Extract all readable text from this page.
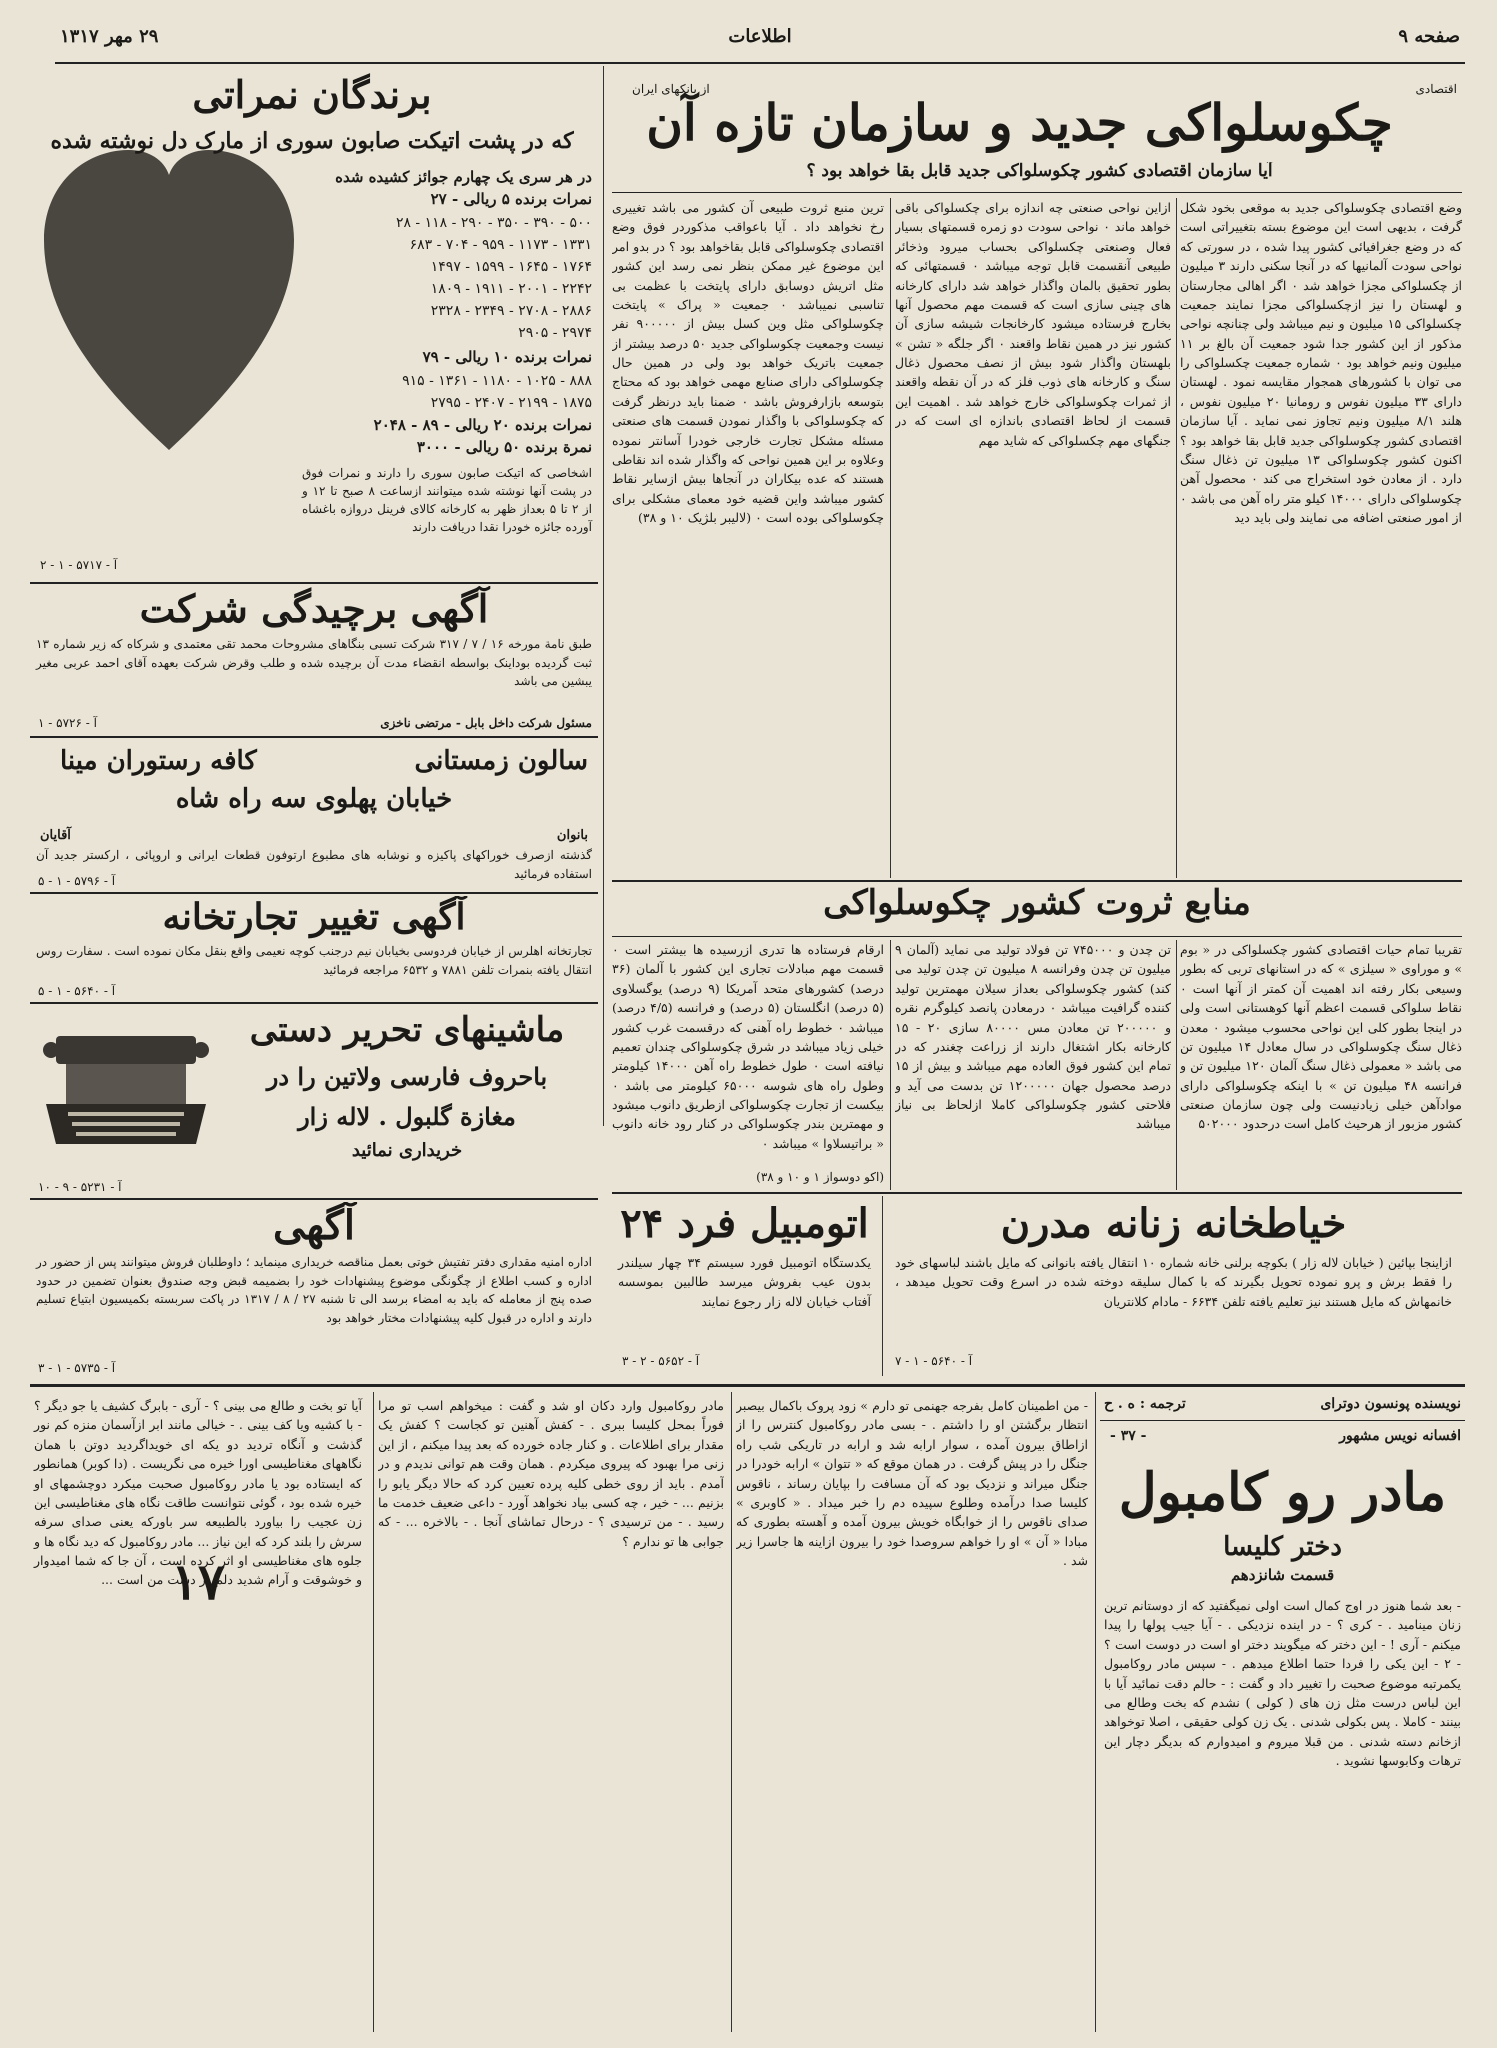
صفحه ۹
اطلاعات
۲۹ مهر ۱۳۱۷
اقتصادی
از بانکهای ایران
چکوسلواکی جدید و سازمان تازه آن
آیا سازمان اقتصادی کشور چکوسلواکی جدید قابل بقا خواهد بود ؟
وضع اقتصادی چکوسلواکی جدید به موقعی بخود شکل گرفت ، بدیهی است این موضوع بسته بتغییراتی است که در وضع جغرافیائی کشور پیدا شده ، در سورتی که نواحی سودت آلمانیها که در آنجا سکنی دارند ۳ میلیون از چکسلواکی مجزا خواهد شد ۰ اگر اهالی مجارستان و لهستان را نیز ازچکسلواکی مجزا نمایند جمعیت چکسلواکی ۱۵ میلیون و نیم میباشد ولی چنانچه نواحی مذکور از این کشور جدا شود جمعیت آن بالغ بر ۱۱ میلیون ونیم خواهد بود ۰ شماره جمعیت چکسلواکی را می توان با کشورهای همجوار مقایسه نمود . لهستان دارای ۳۳ میلیون نفوس و رومانیا ۲۰ میلیون نفوس ، هلند ۸/۱ میلیون ونیم تجاوز نمی نماید . آیا سازمان اقتصادی کشور چکوسلواکی جدید قابل بقا خواهد بود ؟ اکنون کشور چکوسلواکی ۱۳ میلیون تن ذغال سنگ دارد . از معادن خود استخراج می کند ۰ محصول آهن چکوسلواکی دارای ۱۴۰۰۰ کیلو متر راه آهن می باشد ۰ از امور صنعتی اضافه می نمایند ولی باید دید
ازاین نواحی صنعتی چه اندازه برای چکسلواکی باقی خواهد ماند ۰ نواحی سودت دو زمره قسمتهای بسیار فعال وصنعتی چکسلواکی بحساب میرود وذخائر طبیعی آنقسمت قابل توجه میباشد ۰ قسمتهائی که بطور تحقیق بالمان واگذار خواهد شد دارای کارخانه های چینی سازی است که قسمت مهم محصول آنها بخارج فرستاده میشود کارخانجات شیشه سازی آن کشور نیز در همین نقاط واقعند ۰ اگر جلگه « تشن » بلهستان واگذار شود بیش از نصف محصول ذغال سنگ و کارخانه های ذوب فلز که در آن نقطه واقعند از ثمرات چکوسلواکی خارج خواهد شد . اهمیت این قسمت از لحاظ اقتصادی باندازه ای است که در جنگهای مهم چکسلواکی که شاید مهم
ترین منبع ثروت طبیعی آن کشور می باشد تغییری رخ نخواهد داد . آیا باعواقب مذکوردر فوق وضع اقتصادی چکوسلواکی قابل بقاخواهد بود ؟ در بدو امر این موضوع غیر ممکن بنظر نمی رسد این کشور مثل اتریش دوسابق دارای پایتخت با عظمت بی تناسبی نمیباشد ۰ جمعیت « پراک » پایتخت چکوسلواکی مثل وین کسل بیش از ۹۰۰۰۰۰ نفر نیست وجمعیت چکوسلواکی جدید ۵۰ درصد بیشتر از جمعیت باتریک خواهد بود ولی در همین حال چکوسلواکی دارای صنایع مهمی خواهد بود که محتاج بتوسعه بازارفروش باشد ۰ ضمنا باید درنظر گرفت که چکوسلواکی با واگذار نمودن قسمت های صنعتی مسئله مشکل تجارت خارجی خودرا آسانتر نموده وعلاوه بر این همین نواحی که واگذار شده اند نقاطی هستند که عده بیکاران در آنجاها بیش ازسایر نقاط کشور میباشد واین قضیه خود معمای مشکلی برای چکوسلواکی بوده است ۰ (لالیبر بلژیک ۱۰ و ۳۸)
منابع ثروت کشور چکوسلواکی
تقریبا تمام حیات اقتصادی کشور چکسلواکی در « بوم » و موراوی « سیلزی » که در استانهای تربی که بطور وسیعی بکار رفته اند اهمیت آن کمتر از آنها است ۰ نقاط سلواکی قسمت اعظم آنها کوهستانی است ولی در اینجا بطور کلی این نواحی محسوب میشود ۰ معدن ذغال سنگ چکوسلواکی در سال معادل ۱۴ میلیون تن می باشد « معمولی ذغال سنگ آلمان ۱۲۰ میلیون تن و فرانسه ۴۸ میلیون تن » با اینکه چکوسلواکی دارای موادآهن خیلی زیادنیست ولی چون سازمان صنعتی کشور مزبور از هرحیث کامل است درحدود ۵۰۲۰۰۰
تن چدن و ۷۴۵۰۰۰ تن فولاد تولید می نماید (آلمان ۹ میلیون تن چدن وفرانسه ۸ میلیون تن چدن تولید می کند) کشور چکوسلواکی بعداز سیلان مهمترین تولید کننده گرافیت میباشد ۰ درمعادن پانصد کیلوگرم نقره و ۲۰۰۰۰۰ تن معادن مس ۸۰۰۰۰ سازی ۲۰ - ۱۵ کارخانه بکار اشتغال دارند از زراعت چغندر که در تمام این کشور فوق العاده مهم میباشد و بیش از ۱۵ درصد محصول جهان ۱۲۰۰۰۰۰ تن بدست می آید و فلاحتی کشور چکوسلواکی کاملا ازلحاظ بی نیاز میباشد
ارقام فرستاده ها تدری ازرسیده ها بیشتر است ۰ قسمت مهم مبادلات تجاری این کشور با آلمان (۳۶ درصد) کشورهای متحد آمریکا (۹ درصد) یوگسلاوی (۵ درصد) انگلستان (۵ درصد) و فرانسه (۴/۵ درصد) میباشد ۰ خطوط راه آهنی که درقسمت غرب کشور خیلی زیاد میباشد در شرق چکوسلواکی چندان تعمیم نیافته است ۰ طول خطوط راه آهن ۱۴۰۰۰ کیلومتر وطول راه های شوسه ۶۵۰۰۰ کیلومتر می باشد ۰ بیکست از تجارت چکوسلواکی ازطریق دانوب میشود و مهمترین بندر چکوسلواکی در کنار رود خانه دانوب « براتیسلاوا » میباشد ۰
(اکو دوسواز ۱ و ۱۰ و ۳۸)
خیاطخانه زنانه مدرن
ازاینجا بپائین ( خیابان لاله زار ) بکوچه برلنی خانه شماره ۱۰ انتقال یافته بانوانی که مایل باشند لباسهای خود را فقط برش و پرو نموده تحویل بگیرند که با کمال سلیقه دوخته شده در اسرع وقت تحویل میدهد ، خانمهاش که مایل هستند نیز تعلیم یافته تلفن ۶۶۳۴ - مادام کلانتریان
آ - ۵۶۴۰ - ۱ - ۷
اتومبیل فرد ۲۴
یکدستگاه اتومبیل فورد سیستم ۳۴ چهار سیلندر بدون عیب بفروش میرسد طالبین بموسسه آفتاب خیابان لاله زار رجوع نمایند
آ - ۵۶۵۲ - ۲ - ۳
برندگان نمراتی
که در پشت اتیکت صابون سوری از مارک دل نوشته شده
در هر سری یک چهارم جوائز کشیده شده
نمرات برنده ۵ ریالی - ۲۷
۵۰۰ - ۳۹۰ - ۳۵۰ - ۲۹۰ - ۱۱۸ - ۲۸
۱۳۳۱ - ۱۱۷۳ - ۹۵۹ - ۷۰۴ - ۶۸۳
۱۷۶۴ - ۱۶۴۵ - ۱۵۹۹ - ۱۴۹۷
۲۲۴۲ - ۲۰۰۱ - ۱۹۱۱ - ۱۸۰۹
۲۸۸۶ - ۲۷۰۸ - ۲۳۴۹ - ۲۳۲۸
۲۹۷۴ - ۲۹۰۵
نمرات برنده ۱۰ ریالی - ۷۹
۸۸۸ - ۱۰۲۵ - ۱۱۸۰ - ۱۳۶۱ - ۹۱۵
۱۸۷۵ - ۲۱۹۹ - ۲۴۰۷ - ۲۷۹۵
نمرات برنده ۲۰ ریالی - ۸۹ - ۲۰۴۸
نمرة برنده ۵۰ ریالی - ۳۰۰۰
اشخاصی که اتیکت صابون سوری را دارند و نمرات فوق در پشت آنها نوشته شده میتوانند ازساعت ۸ صبح تا ۱۲ و از ۲ تا ۵ بعداز ظهر به کارخانه کالای فرینل دروازه باغشاه آورده جائزه خودرا نقدا دریافت دارند
آ - ۵۷۱۷ - ۱ - ۲
آگهی برچیدگی شرکت
طبق نامة مورخه ۱۶ / ۷ / ۳۱۷ شرکت تسبی بنگاهای مشروحات محمد تقی معتمدی و شرکاه که زیر شماره ۱۳ ثبت گردیده بوداینک بواسطه انقضاء مدت آن برچیده شده و طلب وقرض شرکت بعهده آقای احمد عربی مغیر یبشین می باشد
مسئول شرکت داخل بابل - مرتضی ناخزی
آ - ۵۷۲۶ - ۱
سالون زمستانی
کافه رستوران مینا
خیابان پهلوی سه راه شاه
بانوان
آقایان
گذشته ازصرف خوراکهای پاکیزه و نوشابه های مطبوع ارتوفون قطعات ایرانی و اروپائی ، ارکستر جدید آن استفاده فرمائید
آ - ۵۷۹۶ - ۱ - ۵
آگهی تغییر تجارتخانه
تجارتخانه اهلرس از خیابان فردوسی بخیابان نیم درجنب کوچه نعیمی واقع بنقل مکان نموده است . سفارت روس انتقال یافته بنمرات تلفن ۷۸۸۱ و ۶۵۳۲ مراجعه فرمائید
آ - ۵۶۴۰ - ۱ - ۵
ماشینهای تحریر دستی
باحروف فارسی ولاتین را در
مغازة گلبول . لاله زار
خریداری نمائید
آ - ۵۲۳۱ - ۹ - ۱۰
آگهی
اداره امنیه مقداری دفتر تفتیش خوتی بعمل مناقصه خریداری مینماید ؛ داوطلبان فروش میتوانند پس از حضور در اداره و کسب اطلاع از چگونگی موضوع پیشنهادات خود را بضمیمه قبض وجه صندوق بعنوان تضمین در حدود صده پنج از معامله که باید به امضاء برسد الی تا شنبه ۲۷ / ۸ / ۱۳۱۷ در پاکت سربسته بکمیسیون ابتیاع تسلیم دارند و اداره در قبول کلیه پیشنهادات مختار خواهد بود
آ - ۵۷۳۵ - ۱ - ۳
نویسنده پونسون دوترای
ترجمه : ه . ح
افسانه نویس مشهور
- ۳۷ -
مادر رو کامبول
دختر کلیسا
قسمت شانزدهم
- بعد شما هنوز در اوج کمال است اولی نمیگفتید که از دوستانم ترین زنان مینامید . - کری ؟ - در اینده نزدیکی . - آیا جیب پولها را پیدا میکنم - آری ! - این دختر که میگویند دختر او است در دوست است ؟ - ۲ - این یکی را فردا حتما اطلاع میدهم . - سپس مادر روکامبول یکمرتبه موضوع صحبت را تغییر داد و گفت : - حالم دقت نمائید آیا با این لباس درست مثل زن های ( کولی ) نشدم که بخت وطالع می بینند - کاملا . پس بکولی شدنی . یک زن کولی حقیقی ، اصلا توخواهد ازخانم دسته شدنی . من قبلا میروم و امیدوارم که بدیگر دچار این ترهات وکابوسها نشوید .
- من اطمینان کامل بفرجه جهنمی تو دارم » زود پروک باکمال بیصبر انتظار برگشتن او را داشتم . - بسی مادر روکامبول کنترس را از ازاطاق بیرون آمده ، سوار ارابه شد و ارابه در تاریکی شب راه جنگل را در پیش گرفت . در همان موقع که « تتوان » ارابه خودرا در جنگل میراند و نزدیک بود که آن مسافت را بپایان رساند ، ناقوس کلیسا صدا درآمده وطلوع سپیده دم را خبر میداد . « کاوبری » صدای ناقوس را از خوابگاه خویش بیرون آمده و آهسته بطوری که مبادا « آن » او را خواهم سروصدا خود را بیرون ازاینه ها جاسرا زیر شد .
مادر روکامبول وارد دکان او شد و گفت : میخواهم اسب تو مرا فوراً بمحل کلیسا ببری . - کفش آهنین تو کجاست ؟ کفش یک مقدار برای اطلاعات . و کنار جاده خورده که بعد پیدا میکنم ، از این زنی مرا بهبود که پیروی میکردم . همان وقت هم توانی ندیدم و در آمدم . باید از روی خطی کلیه پرده تعیین کرد که حالا دیگر یابو را بزنیم ... - خیر ، چه کسی بیاد نخواهد آورد - داعی ضعیف خدمت ما رسید . - من ترسیدی ؟ - درحال تماشای آنجا . - بالاخره ... - که جوابی ها تو ندارم ؟
۱۷
آیا تو بخت و طالع می بینی ؟ - آری - بابرگ کشیف یا جو دیگر ؟ - با کشیه ویا کف بینی . - خیالی مانند ابر ازآسمان منزه کم نور گذشت و آنگاه تردید دو یکه ای خویداگردید دوتن با همان نگاههای مغناطیسی اورا خیره می نگریست . (دا کوبر) همانطور که ایستاده بود یا مادر روکامبول صحبت میکرد دوچشمهای او خیره شده بود ، گوئی نتوانست طاقت نگاه های مغناطیسی این زن عجیب را بیاورد بالطبیعه سر باورکه یعنی صدای سرفه سرش را بلند کرد که این نیاز ... مادر روکامبول که دید نگاه ها و جلوه های مغناطیسی او اثر کرده است ، آن جا که شما امیدوار و خوشوقت و آرام شدید دلم در دست من است ...
